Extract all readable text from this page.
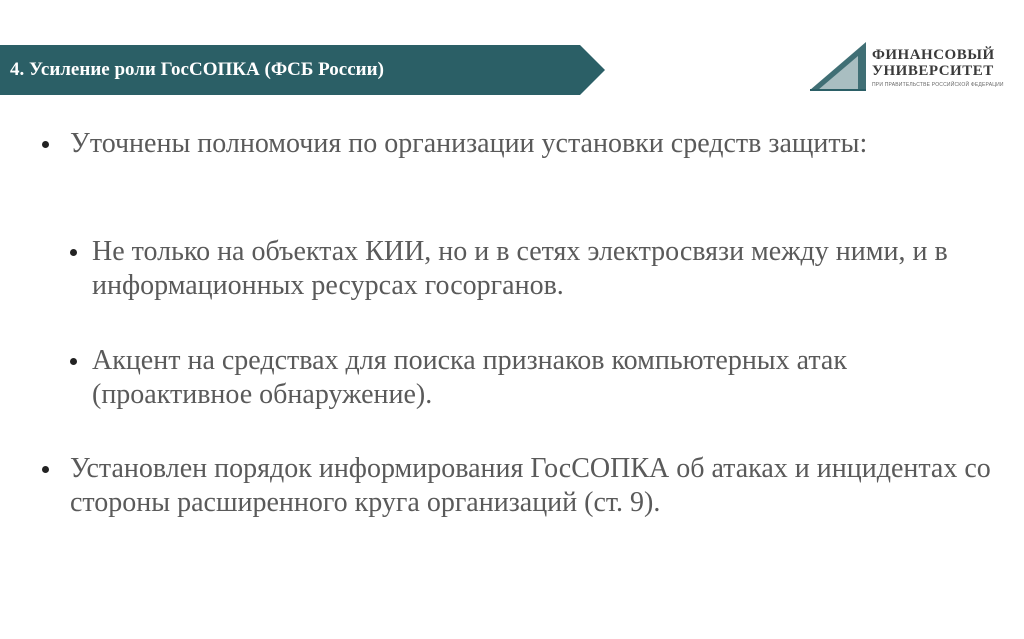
4. Усиление роли ГосСОПКА (ФСБ России)
ФИНАНСОВЫЙ
УНИВЕРСИТЕТ
ПРИ ПРАВИТЕЛЬСТВЕ РОССИЙСКОЙ ФЕДЕРАЦИИ
Уточнены полномочия по организации установки средств защиты:
Не только на объектах КИИ, но и в сетях электросвязи между ними, и в информационных ресурсах госорганов.
Акцент на средствах для поиска признаков компьютерных атак (проактивное обнаружение).
Установлен порядок информирования ГосСОПКА об атаках и инцидентах со стороны расширенного круга организаций (ст. 9).
